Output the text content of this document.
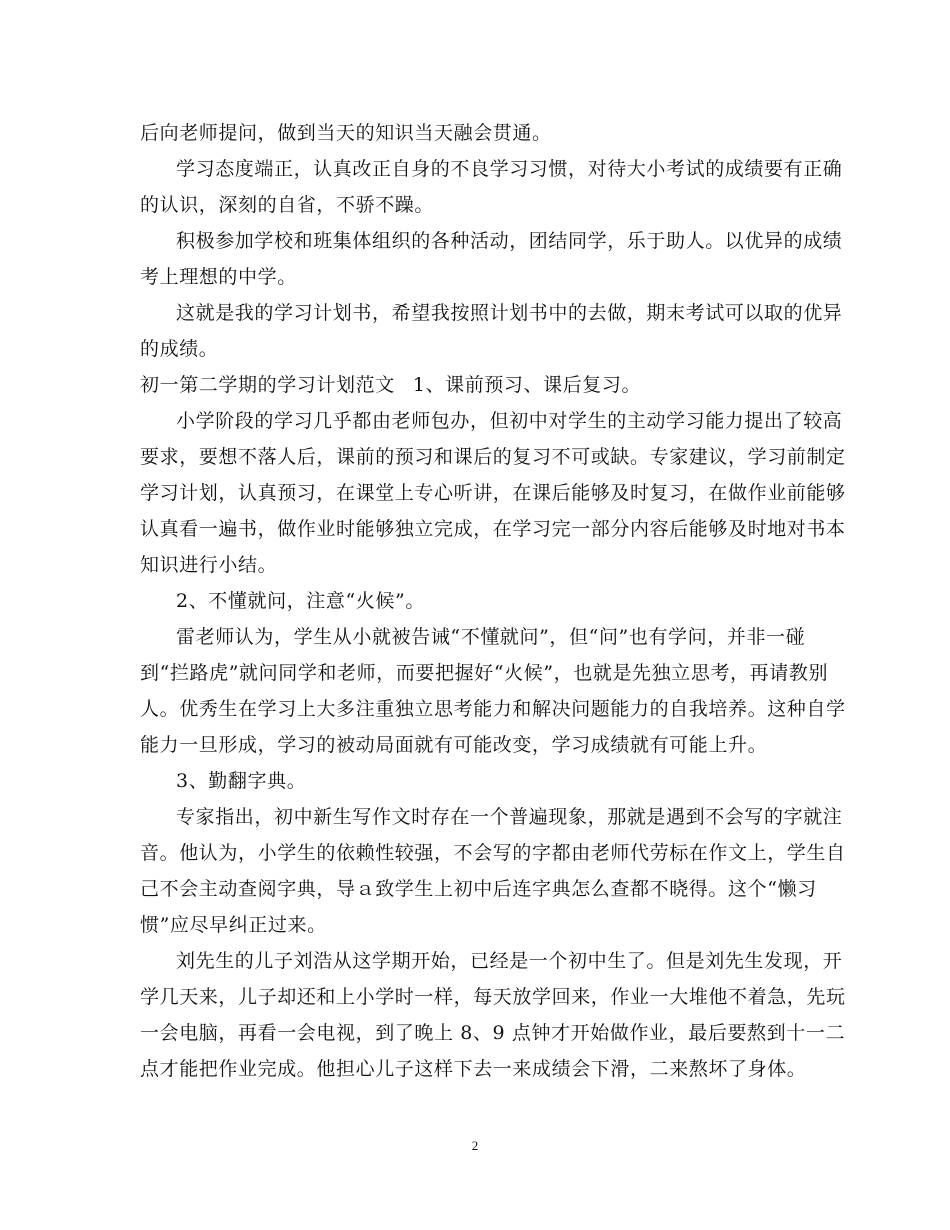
后向老师提问，做到当天的知识当天融会贯通。
学习态度端正，认真改正自身的不良学习习惯，对待大小考试的成绩要有正确
的认识，深刻的自省，不骄不躁。
积极参加学校和班集体组织的各种活动，团结同学，乐于助人。以优异的成绩
考上理想的中学。
这就是我的学习计划书，希望我按照计划书中的去做，期末考试可以取的优异
的成绩。
初一第二学期的学习计划范文 1、课前预习、课后复习。
小学阶段的学习几乎都由老师包办，但初中对学生的主动学习能力提出了较高
要求，要想不落人后，课前的预习和课后的复习不可或缺。专家建议，学习前制定
学习计划，认真预习，在课堂上专心听讲，在课后能够及时复习，在做作业前能够
认真看一遍书，做作业时能够独立完成，在学习完一部分内容后能够及时地对书本
知识进行小结。
2、不懂就问，注意“火候”。
雷老师认为，学生从小就被告诫“不懂就问”，但“问”也有学问，并非一碰
到“拦路虎”就问同学和老师，而要把握好“火候”，也就是先独立思考，再请教别
人。优秀生在学习上大多注重独立思考能力和解决问题能力的自我培养。这种自学
能力一旦形成，学习的被动局面就有可能改变，学习成绩就有可能上升。
3、勤翻字典。
专家指出，初中新生写作文时存在一个普遍现象，那就是遇到不会写的字就注
音。他认为，小学生的依赖性较强，不会写的字都由老师代劳标在作文上，学生自
己不会主动查阅字典，导ａ致学生上初中后连字典怎么查都不晓得。这个“懒习
惯”应尽早纠正过来。
刘先生的儿子刘浩从这学期开始，已经是一个初中生了。但是刘先生发现，开
学几天来，儿子却还和上小学时一样，每天放学回来，作业一大堆他不着急，先玩
一会电脑，再看一会电视，到了晚上 8、9 点钟才开始做作业，最后要熬到十一二
点才能把作业完成。他担心儿子这样下去一来成绩会下滑，二来熬坏了身体。
2
